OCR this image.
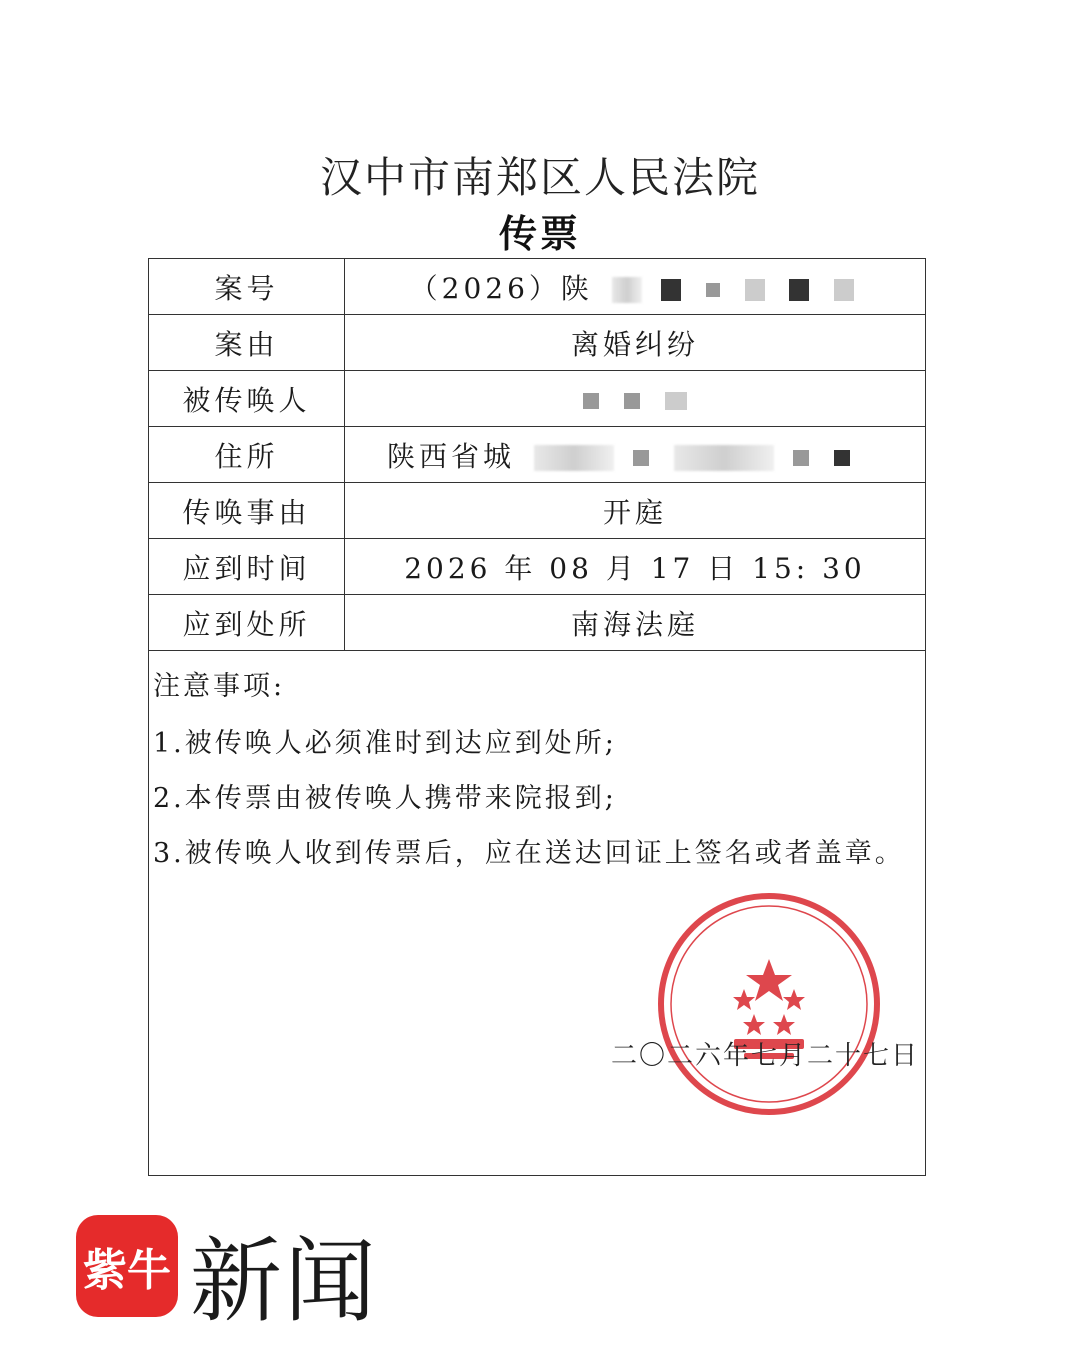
汉中市南郑区人民法院
传票
案号	（2026）陕
案由	离婚纠纷
被传唤人	
住所	陕西省城
传唤事由	开庭
应到时间	2026 年 08 月 17 日 15: 30
应到处所	南海法庭
注意事项:
1.被传唤人必须准时到达应到处所;
2.本传票由被传唤人携带来院报到;
3.被传唤人收到传票后，应在送达回证上签名或者盖章。
二〇二六年七月二十七日
紫牛 新闻
